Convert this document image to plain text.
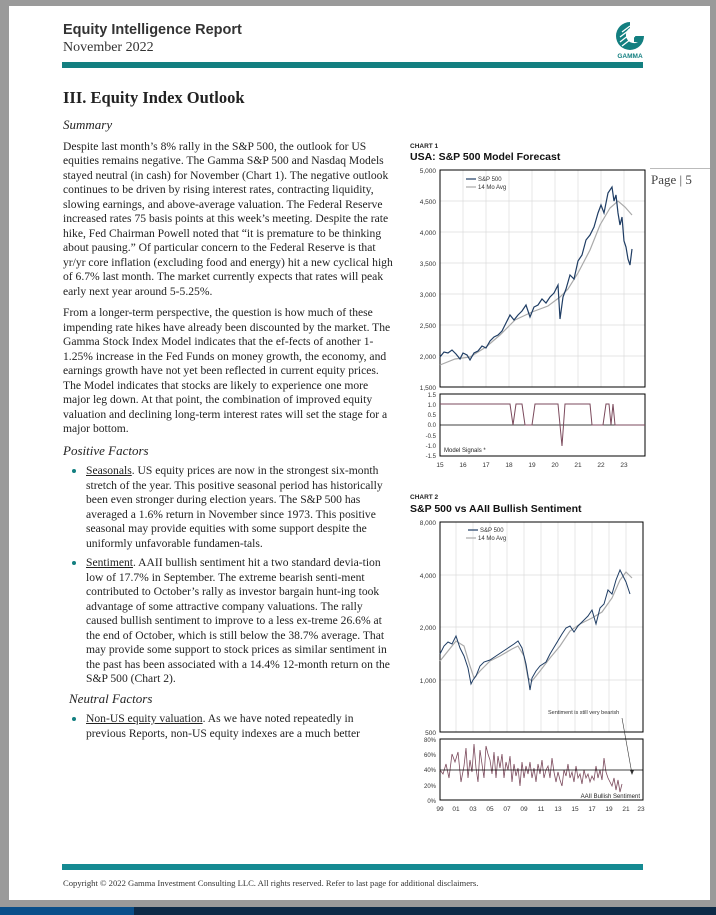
Equity Intelligence Report
November 2022
GAMMA
Page | 5
III. Equity Index Outlook
Summary

Despite last month’s 8% rally in the S&P 500, the outlook for US equities remains negative. The Gamma S&P 500 and Nasdaq Models stayed neutral (in cash) for November (Chart 1). The negative outlook continues to be driven by rising interest rates, contracting liquidity, slowing earnings, and above-average valuation. The Federal Reserve increased rates 75 basis points at this week’s meeting. Despite the rate hike, Fed Chairman Powell noted that “it is premature to be thinking about pausing.” Of particular concern to the Federal Reserve is that yr/yr core inflation (excluding food and energy) hit a new cyclical high of 6.7% last month. The market currently expects that rates will peak early next year around 5-5.25%.

From a longer-term perspective, the question is how much of these impending rate hikes have already been discounted by the market. The Gamma Stock Index Model indicates that the ef-fects of another 1-1.25% increase in the Fed Funds on money growth, the economy, and earnings growth have not yet been reflected in current equity prices. The Model indicates that stocks are likely to experience one more major leg down. At that point, the combination of improved equity valuation and declining long-term interest rates will set the stage for a major bottom.

Positive Factors
Seasonals. US equity prices are now in the strongest six-month stretch of the year. This positive seasonal period has historically been even stronger during election years. The S&P 500 has averaged a 1.6% return in November since 1973. This positive seasonal may provide equities with some support despite the uniformly unfavorable fundamen-tals.
Sentiment. AAII bullish sentiment hit a two standard devia-tion low of 17.7% in September. The extreme bearish senti-ment contributed to October’s rally as investor bargain hunt-ing took advantage of some attractive company valuations. The rally caused bullish sentiment to improve to a less ex-treme 26.6% at the end of October, which is still below the 38.7% average. That may provide some support to stock prices as similar sentiment in the past has been associated with a 14.4% 12-month return on the S&P 500 (Chart 2).
Neutral Factors
Non-US equity valuation. As we have noted repeatedly in previous Reports, non-US equity indexes are a much better
CHART 1
USA: S&P 500 Model Forecast
5,000
4,500
4,000
3,500
3,000
2,500
2,000
1,500
S&P 500
14 Mo Avg
1.5
1.0
0.5
0.0
-0.5
-1.0
-1.5
Model Signals *
15 16 17 18 19 20 21 22 23
CHART 2
S&P 500 vs AAII Bullish Sentiment
8,000
4,000
2,000
1,000
500
S&P 500
14 Mo Avg
Sentiment is still very bearish
80%
60%
40%
20%
0%
AAII Bullish Sentiment
99 01 03 05 07 09 11 13 15 17 19 21 23
Copyright © 2022 Gamma Investment Consulting LLC. All rights reserved. Refer to last page for additional disclaimers.
